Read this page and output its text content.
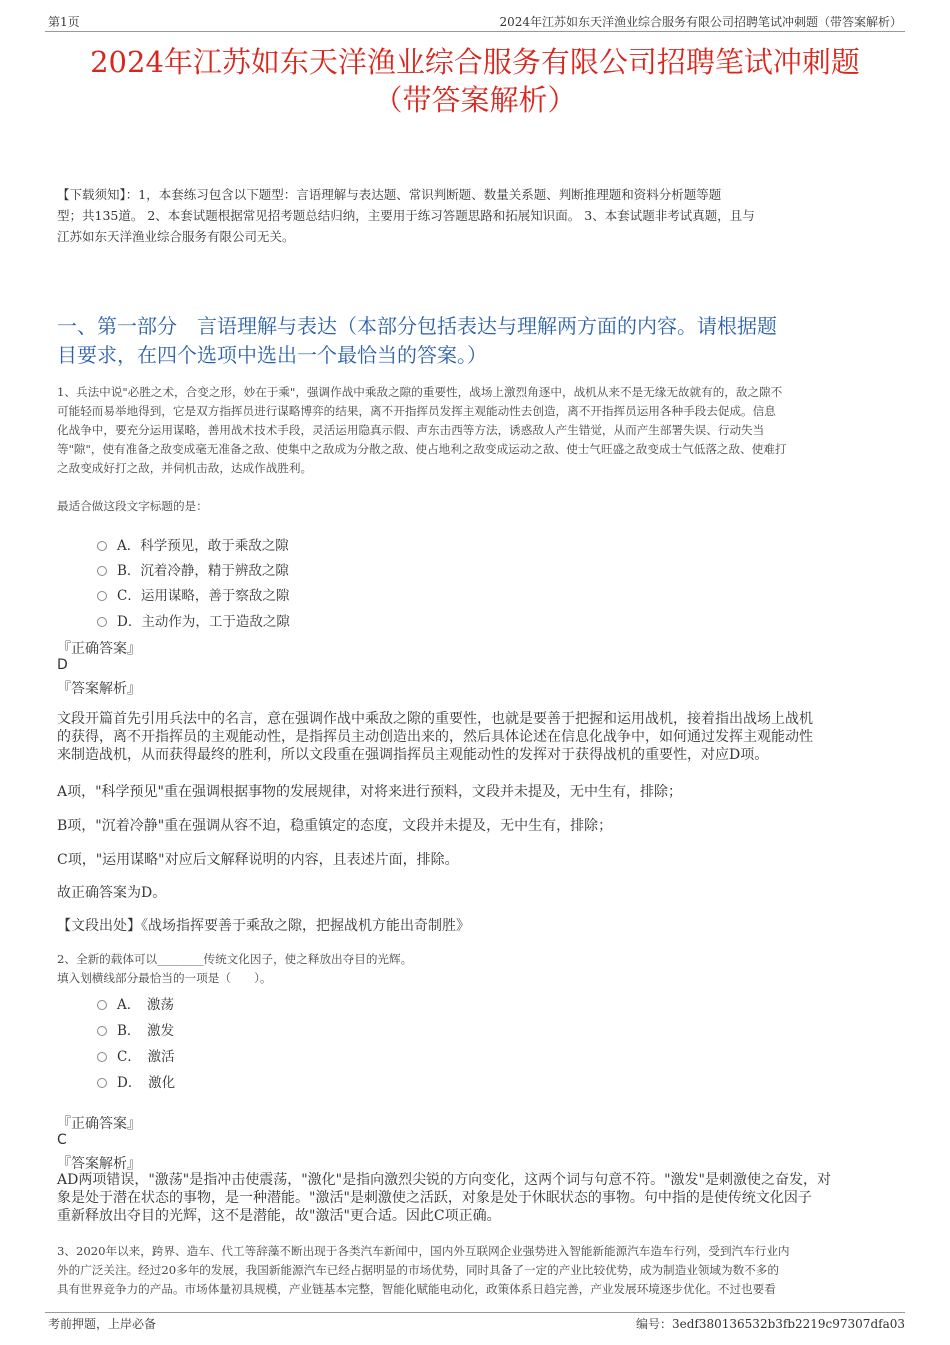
第1页	2024年江苏如东天洋渔业综合服务有限公司招聘笔试冲刺题（带答案解析）
2024年江苏如东天洋渔业综合服务有限公司招聘笔试冲刺题
（带答案解析）
【下载须知】：1，本套练习包含以下题型：言语理解与表达题、常识判断题、数量关系题、判断推理题和资料分析题等题
型；共135道。 2、本套试题根据常见招考题总结归纳，主要用于练习答题思路和拓展知识面。 3、本套试题非考试真题，且与
江苏如东天洋渔业综合服务有限公司无关。
一、第一部分　言语理解与表达（本部分包括表达与理解两方面的内容。请根据题
目要求，在四个选项中选出一个最恰当的答案。）
1、兵法中说"必胜之术，合变之形，妙在于乘"，强调作战中乘敌之隙的重要性，战场上激烈角逐中，战机从来不是无缘无故就有的，敌之隙不
可能轻而易举地得到，它是双方指挥员进行谋略博弈的结果，离不开指挥员发挥主观能动性去创造，离不开指挥员运用各种手段去促成。信息
化战争中，要充分运用谋略，善用战术技术手段，灵活运用隐真示假、声东击西等方法，诱惑敌人产生错觉，从而产生部署失误、行动失当
等"隙"，使有准备之敌变成毫无准备之敌、使集中之敌成为分散之敌、使占地利之敌变成运动之敌、使士气旺盛之敌变成士气低落之敌、使难打
之敌变成好打之敌，并伺机击敌，达成作战胜利。
最适合做这段文字标题的是：
A．科学预见，敢于乘敌之隙
B．沉着冷静，精于辨敌之隙
C．运用谋略，善于察敌之隙
D．主动作为，工于造敌之隙
『正确答案』
D
『答案解析』
文段开篇首先引用兵法中的名言，意在强调作战中乘敌之隙的重要性，也就是要善于把握和运用战机，接着指出战场上战机
的获得，离不开指挥员的主观能动性，是指挥员主动创造出来的，然后具体论述在信息化战争中，如何通过发挥主观能动性
来制造战机，从而获得最终的胜利，所以文段重在强调指挥员主观能动性的发挥对于获得战机的重要性，对应D项。
A项，"科学预见"重在强调根据事物的发展规律，对将来进行预料，文段并未提及，无中生有，排除；
B项，"沉着冷静"重在强调从容不迫，稳重镇定的态度，文段并未提及，无中生有，排除；
C项，"运用谋略"对应后文解释说明的内容，且表述片面，排除。
故正确答案为D。
【文段出处】《战场指挥要善于乘敌之隙，把握战机方能出奇制胜》
2、全新的载体可以________传统文化因子，使之释放出夺目的光辉。
填入划横线部分最恰当的一项是（　　）。
A．　激荡
B．　激发
C．　激活
D．　激化
『正确答案』
C
『答案解析』
AD两项错误，"激荡"是指冲击使震荡，"激化"是指向激烈尖锐的方向变化，这两个词与句意不符。"激发"是刺激使之奋发，对
象是处于潜在状态的事物，是一种潜能。"激活"是刺激使之活跃，对象是处于休眠状态的事物。句中指的是使传统文化因子
重新释放出夺目的光辉，这不是潜能，故"激活"更合适。因此C项正确。
3、2020年以来，跨界、造车、代工等辞藻不断出现于各类汽车新闻中，国内外互联网企业强势进入智能新能源汽车造车行列，受到汽车行业内
外的广泛关注。经过20多年的发展，我国新能源汽车已经占据明显的市场优势，同时具备了一定的产业比较优势，成为制造业领域为数不多的
具有世界竞争力的产品。市场体量初具规模，产业链基本完整，智能化赋能电动化，政策体系日趋完善，产业发展环境逐步优化。不过也要看
考前押题，上岸必备	编号：3edf380136532b3fb2219c97307dfa03
